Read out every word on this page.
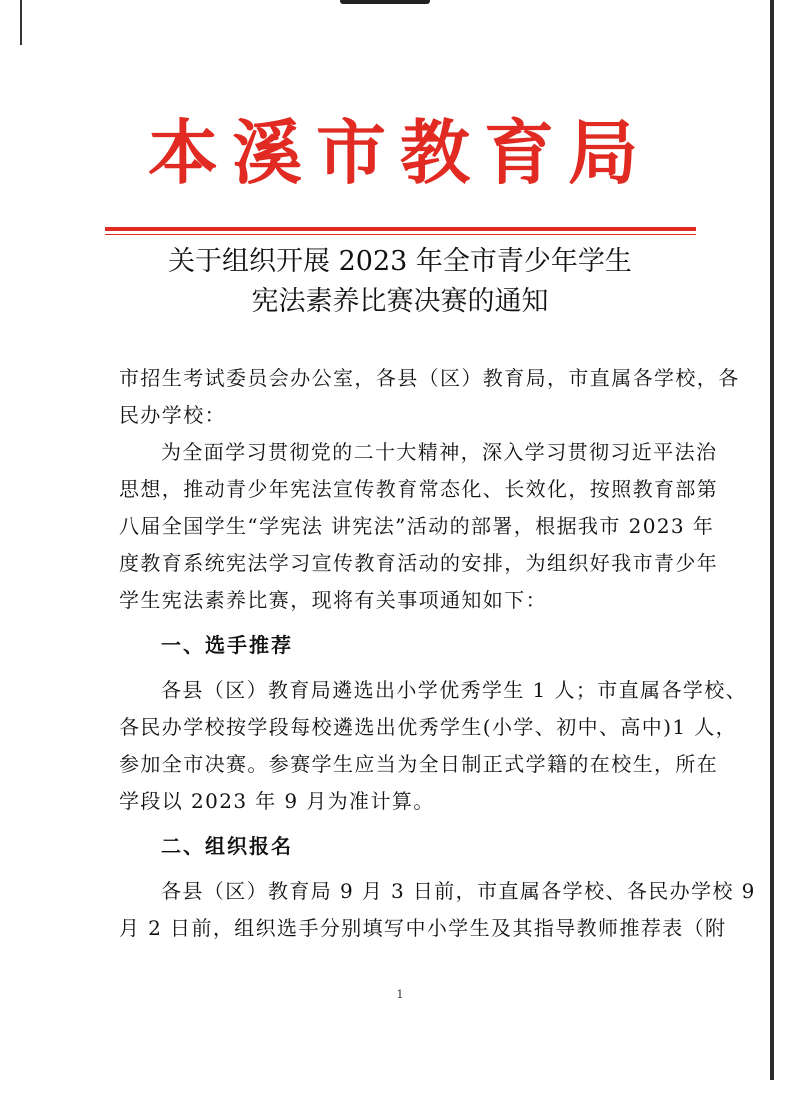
本溪市教育局
关于组织开展 2023 年全市青少年学生
宪法素养比赛决赛的通知
市招生考试委员会办公室，各县（区）教育局，市直属各学校，各
民办学校：
为全面学习贯彻党的二十大精神，深入学习贯彻习近平法治
思想，推动青少年宪法宣传教育常态化、长效化，按照教育部第
八届全国学生“学宪法 讲宪法”活动的部署，根据我市 2023 年
度教育系统宪法学习宣传教育活动的安排，为组织好我市青少年
学生宪法素养比赛，现将有关事项通知如下：
一、选手推荐
各县（区）教育局遴选出小学优秀学生 1 人；市直属各学校、
各民办学校按学段每校遴选出优秀学生(小学、初中、高中)1 人，
参加全市决赛。参赛学生应当为全日制正式学籍的在校生，所在
学段以 2023 年 9 月为准计算。
二、组织报名
各县（区）教育局 9 月 3 日前，市直属各学校、各民办学校 9
月 2 日前，组织选手分别填写中小学生及其指导教师推荐表（附
1
